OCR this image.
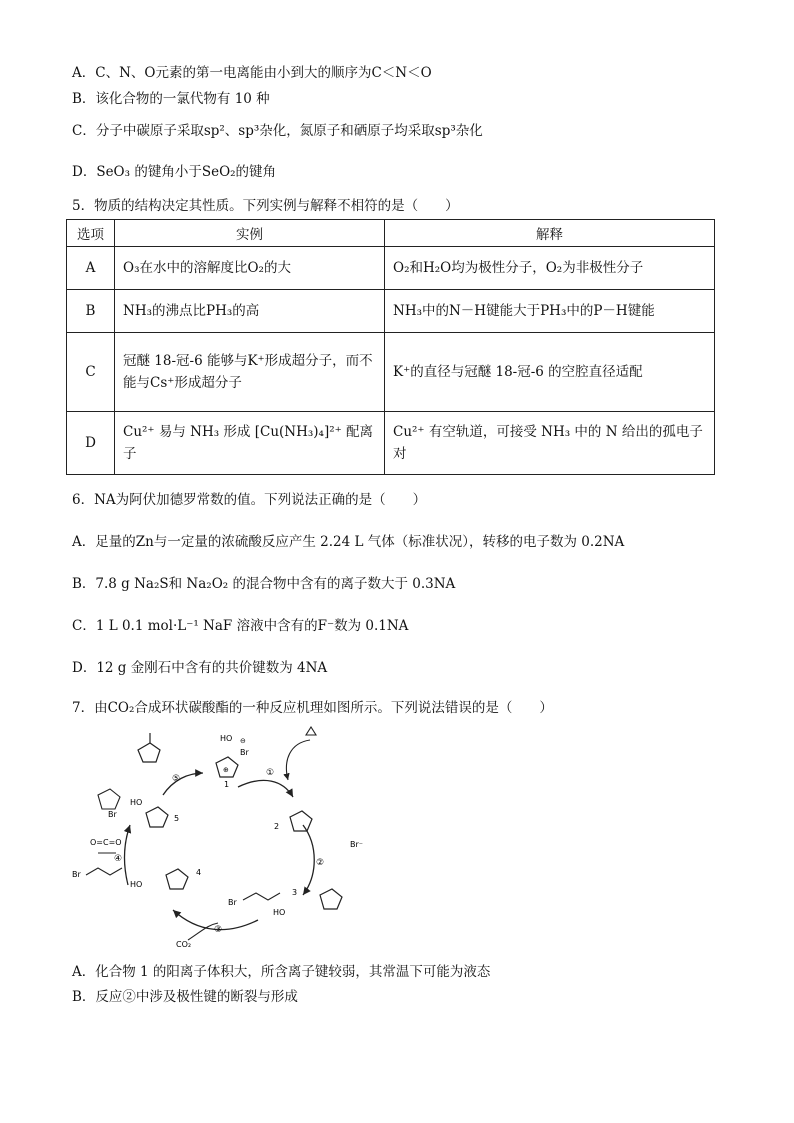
A．C、N、O元素的第一电离能由小到大的顺序为C＜N＜O
B．该化合物的一氯代物有 10 种
C．分子中碳原子采取sp²、sp³杂化，氮原子和硒原子均采取sp³杂化
D．SeO₃ 的键角小于SeO₂的键角
5．物质的结构决定其性质。下列实例与解释不相符的是（　　）
选项	实例	解释
A	O₃在水中的溶解度比O₂的大	O₂和H₂O均为极性分子，O₂为非极性分子
B	NH₃的沸点比PH₃的高	NH₃中的N－H键能大于PH₃中的P－H键能
C	冠醚 18-冠-6 能够与K⁺形成超分子，而不能与Cs⁺形成超分子	K⁺的直径与冠醚 18-冠-6 的空腔直径适配
D	Cu²⁺ 易与 NH₃ 形成 [Cu(NH₃)₄]²⁺ 配离子	Cu²⁺ 有空轨道，可接受 NH₃ 中的 N 给出的孤电子对
6．NA为阿伏加德罗常数的值。下列说法正确的是（　　）
A．足量的Zn与一定量的浓硫酸反应产生 2.24 L 气体（标准状况），转移的电子数为 0.2NA
B．7.8 g Na₂S和 Na₂O₂ 的混合物中含有的离子数大于 0.3NA
C．1 L 0.1 mol·L⁻¹ NaF 溶液中含有的F⁻数为 0.1NA
D．12 g 金刚石中含有的共价键数为 4NA
7．由CO₂合成环状碳酸酯的一种反应机理如图所示。下列说法错误的是（　　）
①
②
③
④
⑤
1
2
3
4
5
HO
Br
⊖
⊕
Br⁻
Br
HO
Br
HO
O=C=O
Br
HO
CO₂
A．化合物 1 的阳离子体积大，所含离子键较弱，其常温下可能为液态
B．反应②中涉及极性键的断裂与形成
